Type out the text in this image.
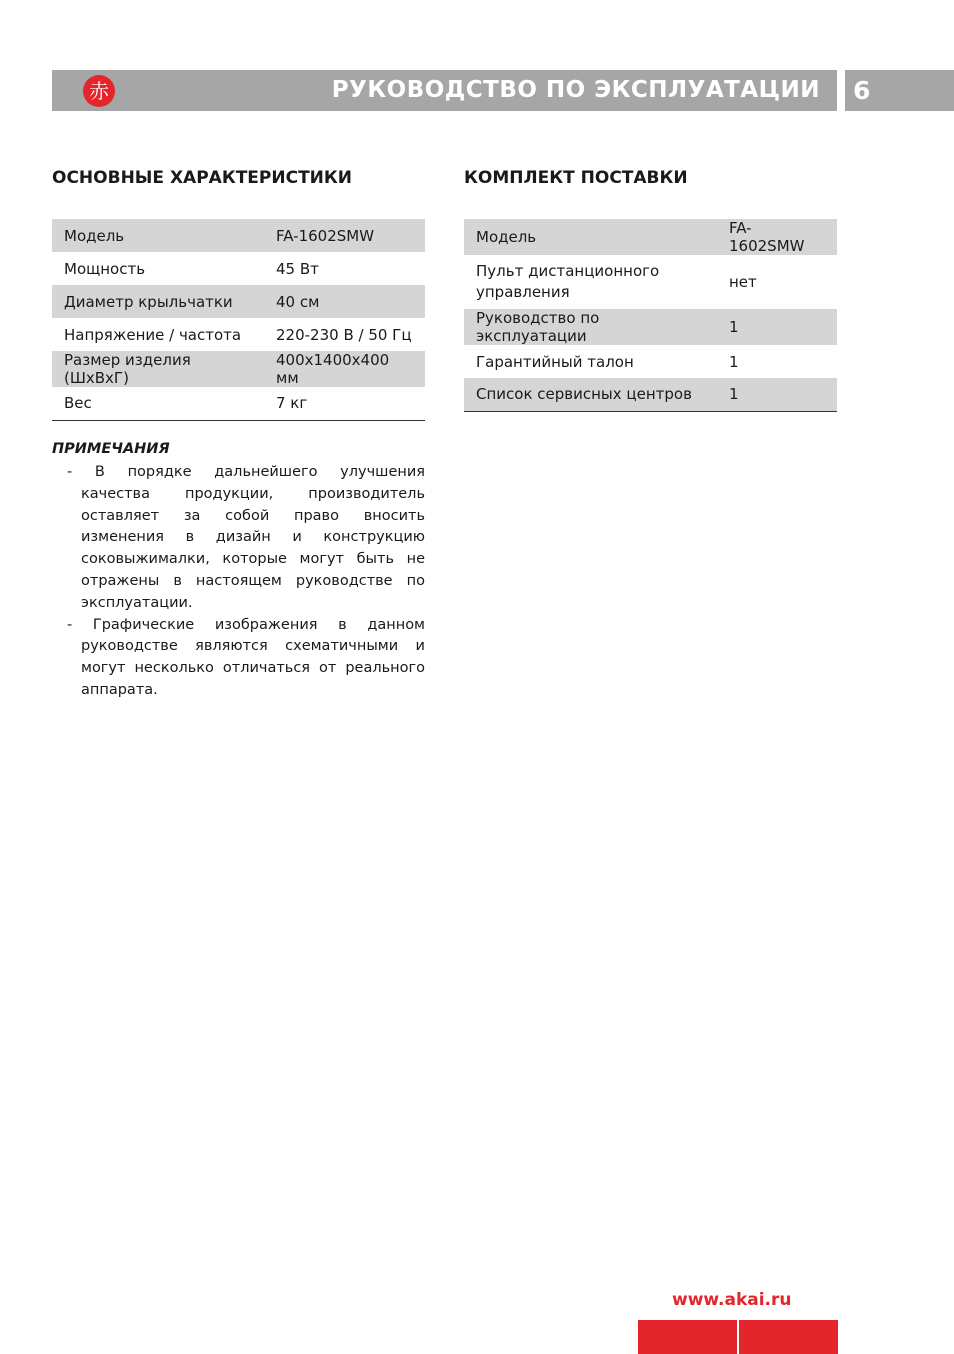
赤	РУКОВОДСТВО ПО ЭКСПЛУАТАЦИИ 6
ОСНОВНЫЕ ХАРАКТЕРИСТИКИ
Модель	FA-1602SMW
Мощность	45 Вт
Диаметр крыльчатки	40 см
Напряжение / частота	220-230 В / 50 Гц
Размер изделия (ШхВхГ)	400х1400х400 мм
Вес	7 кг
КОМПЛЕКТ ПОСТАВКИ
Модель	FA-1602SMW
Пульт дистанционного управления	нет
Руководство по эксплуатации	1
Гарантийный талон	1
Список сервисных центров	1
ПРИМЕЧАНИЯ
- В порядке дальнейшего улучшения качества продукции, производитель оставляет за собой право вносить изменения в дизайн и конструкцию соковыжималки, которые могут быть не отражены в настоящем руководстве по эксплуатации.
- Графические изображения в данном руководстве являются схематичными и могут несколько отличаться от реального аппарата.
www.akai.ru
